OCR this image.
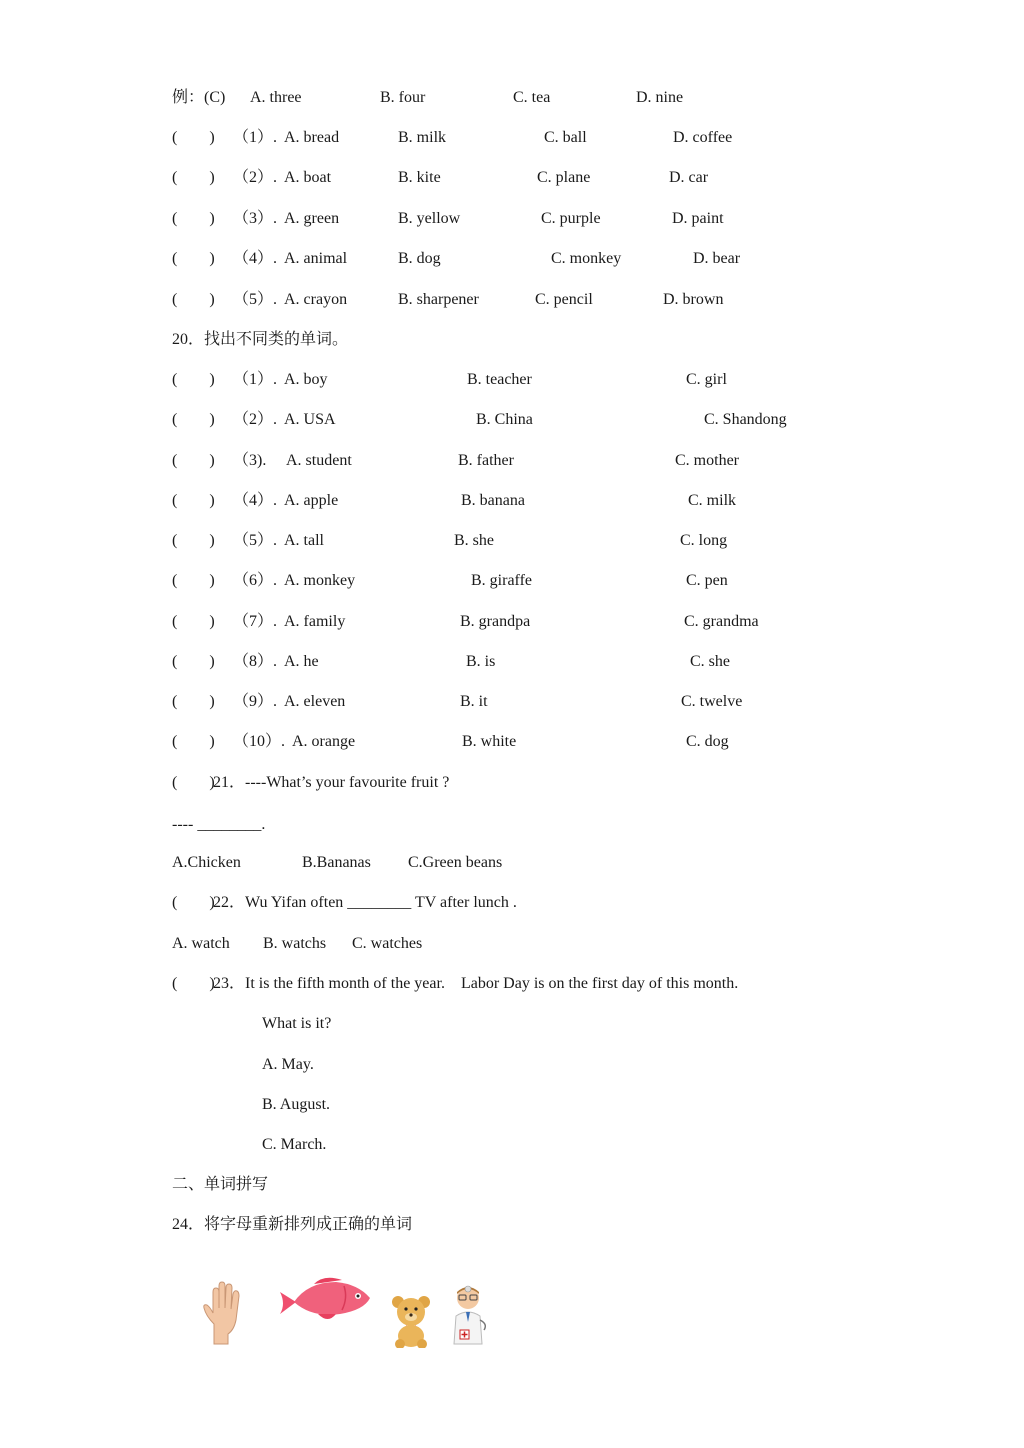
例：(C) A. three	B. four	C. tea	D. nine
(        ) （1）. A. bread	B. milk	C. ball	D. coffee
(        ) （2）. A. boat	B. kite	C. plane	D. car
(        ) （3）. A. green	B. yellow	C. purple	D. paint
(        ) （4）. A. animal	B. dog	C. monkey	D. bear
(        ) （5）. A. crayon	B. sharpener	C. pencil	D. brown
20．找出不同类的单词。
(        ) （1）. A. boy	B. teacher	C. girl
(        ) （2）. A. USA	B. China	C. Shandong
(        ) （3). A. student	B. father	C. mother
(        ) （4）. A. apple	B. banana	C. milk
(        ) （5）. A. tall	B. she	C. long
(        ) （6）. A. monkey	B. giraffe	C. pen
(        ) （7）. A. family	B. grandpa	C. grandma
(        ) （8）. A. he	B. is	C. she
(        ) （9）. A. eleven	B. it	C. twelve
(        ) （10）. A. orange	B. white	C. dog
(        )
21．----What’s your favourite fruit ?
---- ________.
A.Chicken	B.Bananas C.Green beans
(        )
22．Wu Yifan often ________ TV after lunch .
A. watch B. watchs C. watches
(        )
23．It is the fifth month of the year.    Labor Day is on the first day of this month.
What is it?
A. May.
B. August.
C. March.
二、单词拼写
24．将字母重新排列成正确的单词
